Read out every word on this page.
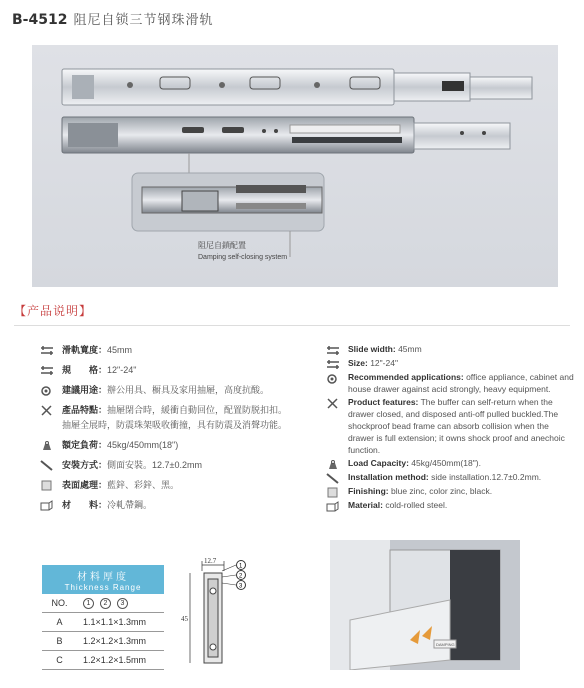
B-4512 阻尼自锁三节钢珠滑轨
阻尼自鎖配置
Damping self-closing system
【产品说明】
滑軌寬度： 45mm
規　　格： 12"-24"
建議用途： 辦公用具、橱具及家用抽屜，高度抗酸。
產品特點：抽屜閉合時，緩衝自動回位，配置防脱扣扣。抽屜全展時，防震珠架吸收衝撞，具有防震及消聲功能。
額定負荷： 45kg/450mm(18")
安裝方式： 側面安裝。12.7±0.2mm
表面處理： 藍鋅、彩鋅、黑。
材　　料： 冷軋帶鋼。
Slide width: 45mm
Size: 12"-24"
Recommended applications: office appliance, cabinet and house drawer against acid strongly, heavy equipment.
Product features: The buffer can self-return when the drawer closed, and disposed anti-off pulled buckled.The shockproof bead frame can absorb collision when the drawer is full extension; it owns shock proof and anechoic function.
Load Capacity: 45kg/450mm(18").
Installation method: side installation.12.7±0.2mm.
Finishing: blue zinc, color zinc, black.
Material: cold-rolled steel.
材料厚度
Thickness Range
NO.	1 2 3
A	1.1×1.1×1.3mm
B	1.2×1.2×1.3mm
C	1.2×1.2×1.5mm
12.7
45
1
2
3
DAMPING
